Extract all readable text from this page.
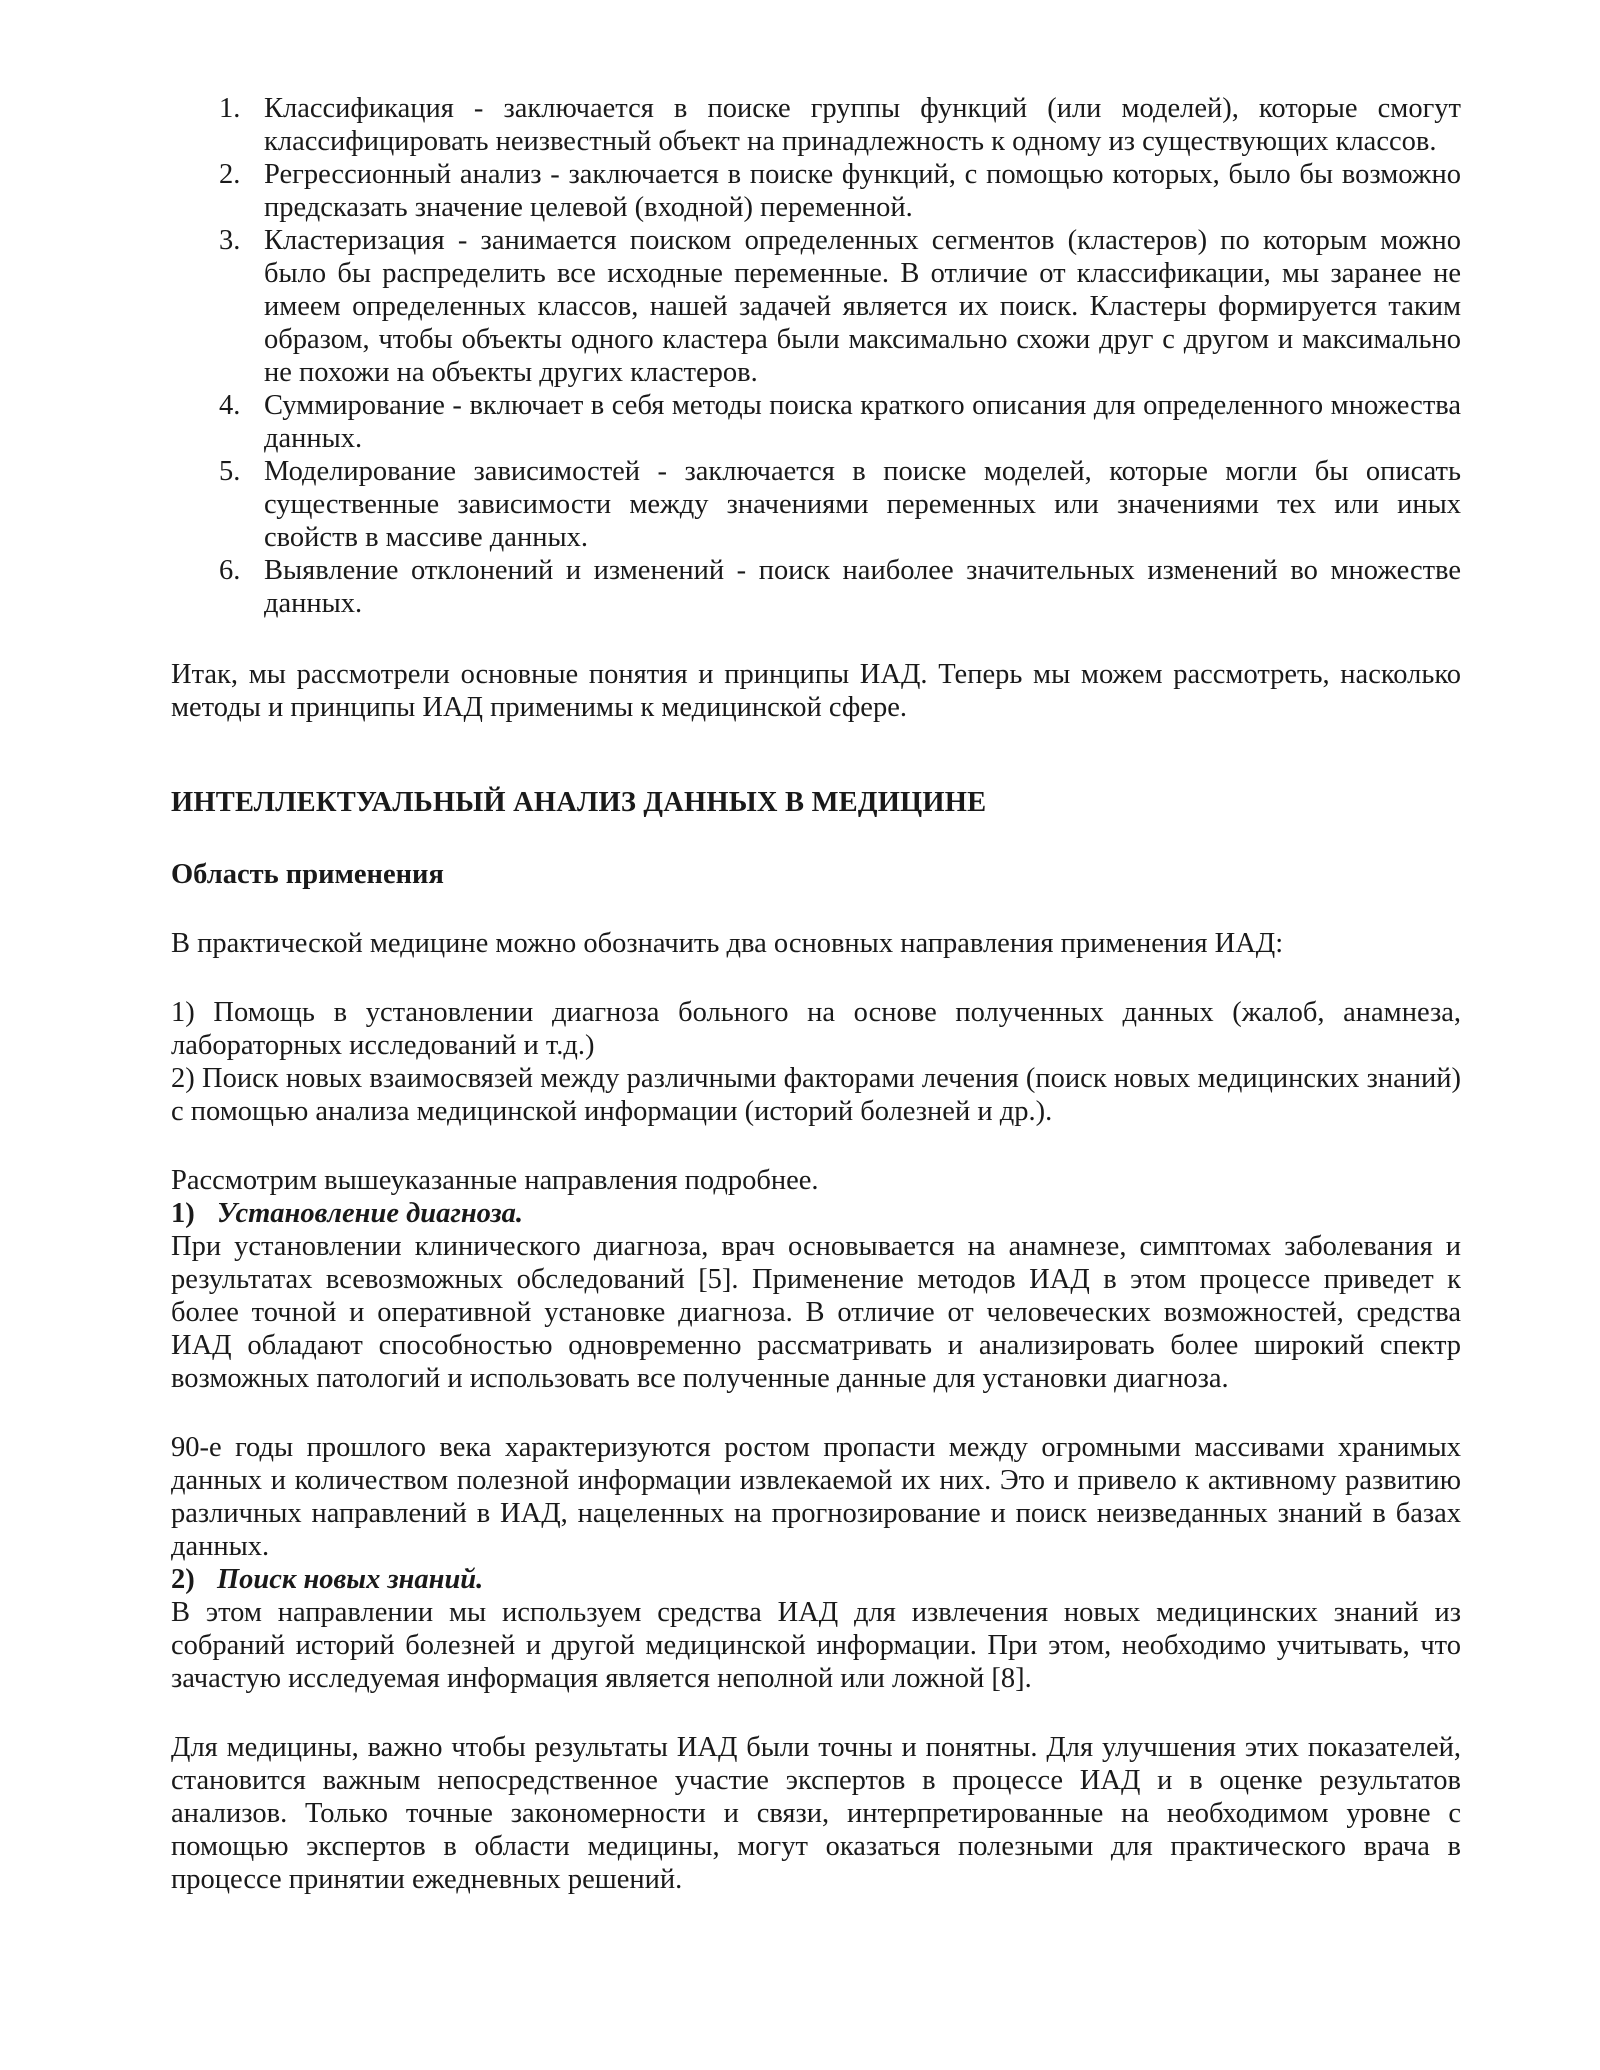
1. Классификация - заключается в поиске группы функций (или моделей), которые смогут классифицировать неизвестный объект на принадлежность к одному из существующих классов.
2. Регрессионный анализ - заключается в поиске функций, с помощью которых, было бы возможно предсказать значение целевой (входной) переменной.
3. Кластеризация - занимается поиском определенных сегментов (кластеров) по которым можно было бы распределить все исходные переменные. В отличие от классификации, мы заранее не имеем определенных классов, нашей задачей является их поиск. Кластеры формируется таким образом, чтобы объекты одного кластера были максимально схожи друг с другом и максимально не похожи на объекты других кластеров.
4. Суммирование - включает в себя методы поиска краткого описания для определенного множества данных.
5. Моделирование зависимостей - заключается в поиске моделей, которые могли бы описать существенные зависимости между значениями переменных или значениями тех или иных свойств в массиве данных.
6. Выявление отклонений и изменений - поиск наиболее значительных изменений во множестве данных.

Итак, мы рассмотрели основные понятия и принципы ИАД. Теперь мы можем рассмотреть, насколько методы и принципы ИАД применимы к медицинской сфере.

ИНТЕЛЛЕКТУАЛЬНЫЙ АНАЛИЗ ДАННЫХ В МЕДИЦИНЕ
Область применения

В практической медицине можно обозначить два основных направления применения ИАД:

1) Помощь в установлении диагноза больного на основе полученных данных (жалоб, анамнеза, лабораторных исследований и т.д.)

2) Поиск новых взаимосвязей между различными факторами лечения (поиск новых медицинских знаний) с помощью анализа медицинской информации (историй болезней и др.).

Рассмотрим вышеуказанные направления подробнее.

1) Установление диагноза.

При установлении клинического диагноза, врач основывается на анамнезе, симптомах заболевания и результатах всевозможных обследований [5]. Применение методов ИАД в этом процессе приведет к более точной и оперативной установке диагноза. В отличие от человеческих возможностей, средства ИАД обладают способностью одновременно рассматривать и анализировать более широкий спектр возможных патологий и использовать все полученные данные для установки диагноза.

90-е годы прошлого века характеризуются ростом пропасти между огромными массивами хранимых данных и количеством полезной информации извлекаемой их них. Это и привело к активному развитию различных направлений в ИАД, нацеленных на прогнозирование и поиск неизведанных знаний в базах данных.

2) Поиск новых знаний.

В этом направлении мы используем средства ИАД для извлечения новых медицинских знаний из собраний историй болезней и другой медицинской информации. При этом, необходимо учитывать, что зачастую исследуемая информация является неполной или ложной [8].

Для медицины, важно чтобы результаты ИАД были точны и понятны. Для улучшения этих показателей, становится важным непосредственное участие экспертов в процессе ИАД и в оценке результатов анализов. Только точные закономерности и связи, интерпретированные на необходимом уровне с помощью экспертов в области медицины, могут оказаться полезными для практического врача в процессе принятии ежедневных решений.
